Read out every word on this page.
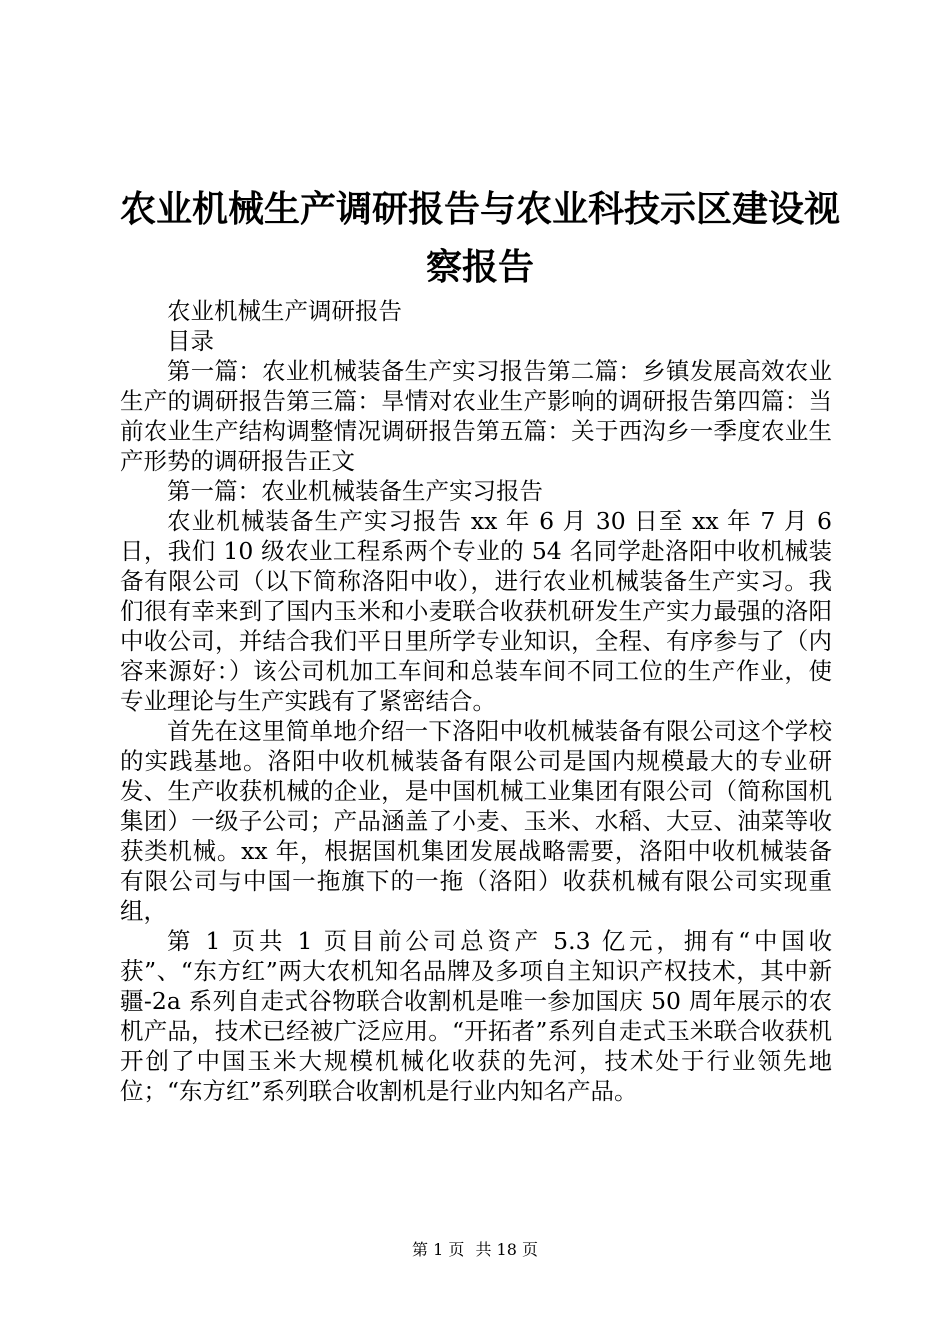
农业机械生产调研报告与农业科技示区建设视察报告

农业机械生产调研报告

目录

第一篇：农业机械装备生产实习报告第二篇：乡镇发展高效农业生产的调研报告第三篇：旱情对农业生产影响的调研报告第四篇：当前农业生产结构调整情况调研报告第五篇：关于西沟乡一季度农业生产形势的调研报告正文

第一篇：农业机械装备生产实习报告

农业机械装备生产实习报告 xx 年 6 月 30 日至 xx 年 7 月 6 日，我们 10 级农业工程系两个专业的 54 名同学赴洛阳中收机械装备有限公司（以下简称洛阳中收），进行农业机械装备生产实习。我们很有幸来到了国内玉米和小麦联合收获机研发生产实力最强的洛阳中收公司，并结合我们平日里所学专业知识，全程、有序参与了（内容来源好：）该公司机加工车间和总装车间不同工位的生产作业，使专业理论与生产实践有了紧密结合。

首先在这里简单地介绍一下洛阳中收机械装备有限公司这个学校的实践基地。洛阳中收机械装备有限公司是国内规模最大的专业研发、生产收获机械的企业，是中国机械工业集团有限公司（简称国机集团）一级子公司；产品涵盖了小麦、玉米、水稻、大豆、油菜等收获类机械。xx 年，根据国机集团发展战略需要，洛阳中收机械装备有限公司与中国一拖旗下的一拖（洛阳）收获机械有限公司实现重组，

第 1 页共 1 页目前公司总资产 5.3 亿元，拥有“中国收获”、“东方红”两大农机知名品牌及多项自主知识产权技术，其中新疆-2a 系列自走式谷物联合收割机是唯一参加国庆 50 周年展示的农机产品，技术已经被广泛应用。“开拓者”系列自走式玉米联合收获机开创了中国玉米大规模机械化收获的先河，技术处于行业领先地位；“东方红”系列联合收割机是行业内知名产品。

第 1 页 共 18 页
